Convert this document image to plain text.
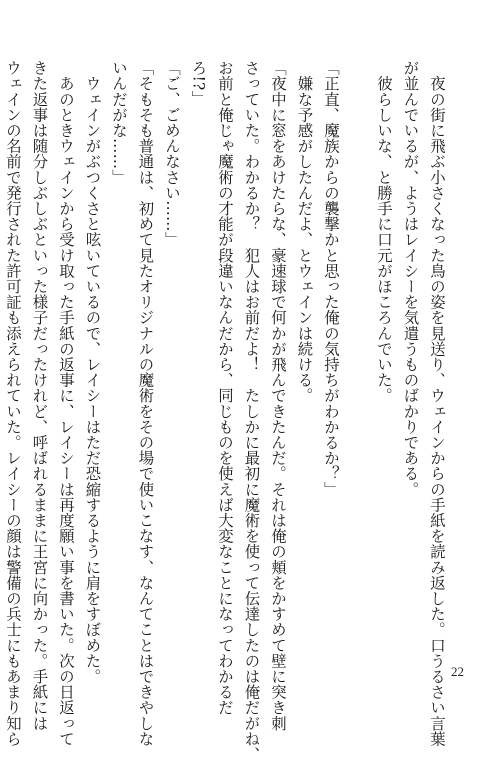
　夜の街に飛ぶ小さくなった鳥の姿を見送り、ウェインからの手紙を読み返した。口うるさい言葉
が並んでいるが、ようはレイシーを気遣うものばかりである。
　彼らしいな、と勝手に口元がほころんでいた。

「正直、魔族からの襲撃かと思った俺の気持ちがわかるか？」
　嫌な予感がしたんだよ、とウェインは続ける。
「夜中に窓をあけたらな、豪速球で何かが飛んできたんだ。それは俺の頬をかすめて壁に突き刺
さっていた。わかるか？　犯人はお前だよ！　たしかに最初に魔術を使って伝達したのは俺だがね、
お前と俺じゃ魔術の才能が段違いなんだから、同じものを使えば大変なことになってわかるだ
ろ!?」
「ご、ごめんなさい……」
「そもそも普通は、初めて見たオリジナルの魔術をその場で使いこなす、なんてことはできやしな
いんだがな……」
　ウェインがぶつくさと呟いているので、レイシーはただ恐縮するように肩をすぼめた。
　あのときウェインから受け取った手紙の返事に、レイシーは再度願い事を書いた。次の日返って
きた返事は随分しぶしぶといった様子だったけれど、呼ばれるままに王宮に向かった。手紙には
ウェインの名前で発行された許可証も添えられていた。レイシーの顔は警備の兵士にもあまり知ら	22
